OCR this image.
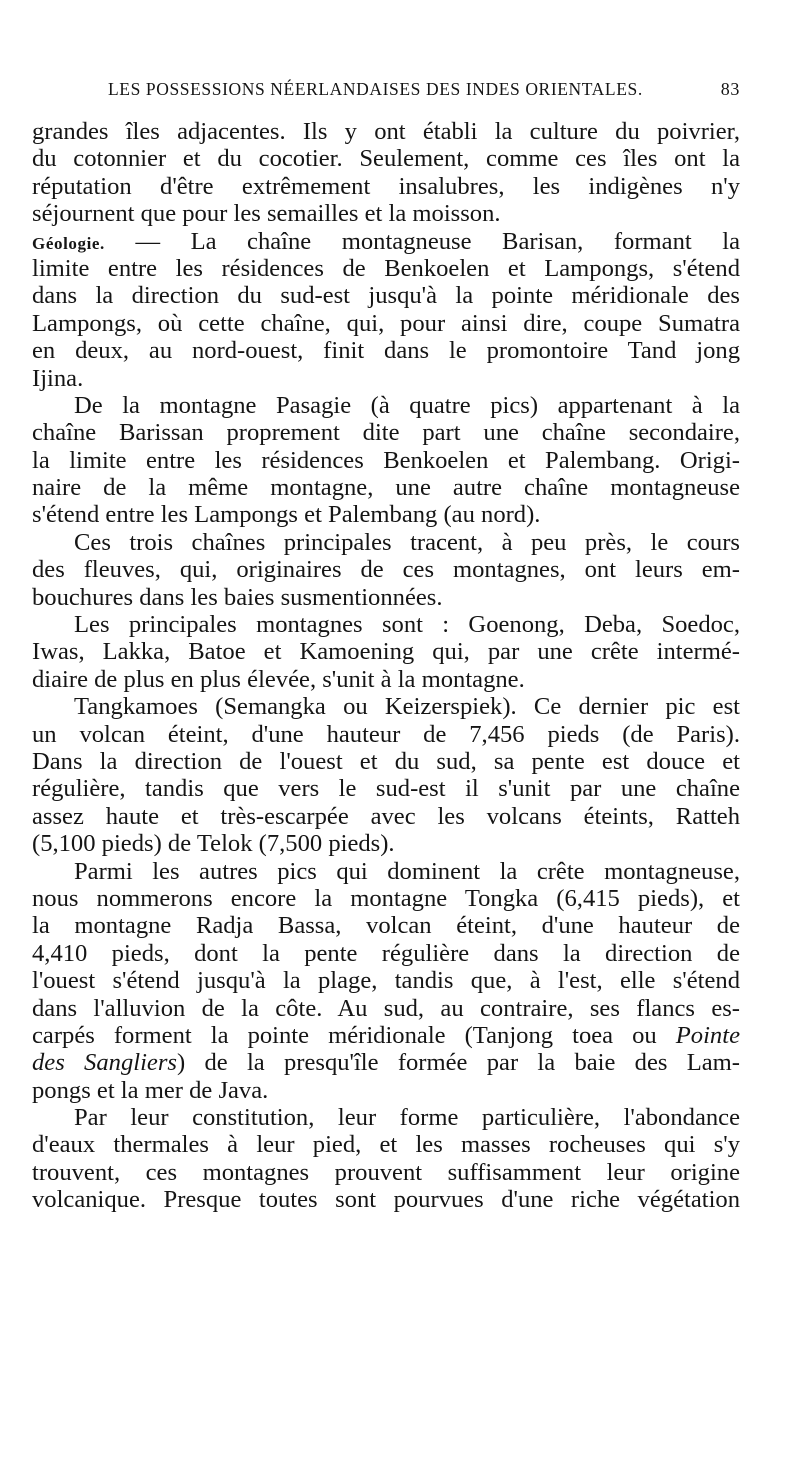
LES POSSESSIONS NÉERLANDAISES DES INDES ORIENTALES.	83
grandes îles adjacentes. Ils y ont établi la culture du poivrier,
du cotonnier et du cocotier. Seulement, comme ces îles ont la
réputation d'être extrêmement insalubres, les indigènes n'y
séjournent que pour les semailles et la moisson.
Géologie. — La chaîne montagneuse Barisan, formant la
limite entre les résidences de Benkoelen et Lampongs, s'étend
dans la direction du sud-est jusqu'à la pointe méridionale des
Lampongs, où cette chaîne, qui, pour ainsi dire, coupe Sumatra
en deux, au nord-ouest, finit dans le promontoire Tand jong
Ijina.
De la montagne Pasagie (à quatre pics) appartenant à la
chaîne Barissan proprement dite part une chaîne secondaire,
la limite entre les résidences Benkoelen et Palembang. Origi-
naire de la même montagne, une autre chaîne montagneuse
s'étend entre les Lampongs et Palembang (au nord).
Ces trois chaînes principales tracent, à peu près, le cours
des fleuves, qui, originaires de ces montagnes, ont leurs em-
bouchures dans les baies susmentionnées.
Les principales montagnes sont : Goenong, Deba, Soedoc,
Iwas, Lakka, Batoe et Kamoening qui, par une crête intermé-
diaire de plus en plus élevée, s'unit à la montagne.
Tangkamoes (Semangka ou Keizerspiek). Ce dernier pic est
un volcan éteint, d'une hauteur de 7,456 pieds (de Paris).
Dans la direction de l'ouest et du sud, sa pente est douce et
régulière, tandis que vers le sud-est il s'unit par une chaîne
assez haute et très-escarpée avec les volcans éteints, Ratteh
(5,100 pieds) de Telok (7,500 pieds).
Parmi les autres pics qui dominent la crête montagneuse,
nous nommerons encore la montagne Tongka (6,415 pieds), et
la montagne Radja Bassa, volcan éteint, d'une hauteur de
4,410 pieds, dont la pente régulière dans la direction de
l'ouest s'étend jusqu'à la plage, tandis que, à l'est, elle s'étend
dans l'alluvion de la côte. Au sud, au contraire, ses flancs es-
carpés forment la pointe méridionale (Tanjong toea ou Pointe
des Sangliers) de la presqu'île formée par la baie des Lam-
pongs et la mer de Java.
Par leur constitution, leur forme particulière, l'abondance
d'eaux thermales à leur pied, et les masses rocheuses qui s'y
trouvent, ces montagnes prouvent suffisamment leur origine
volcanique. Presque toutes sont pourvues d'une riche végétation
